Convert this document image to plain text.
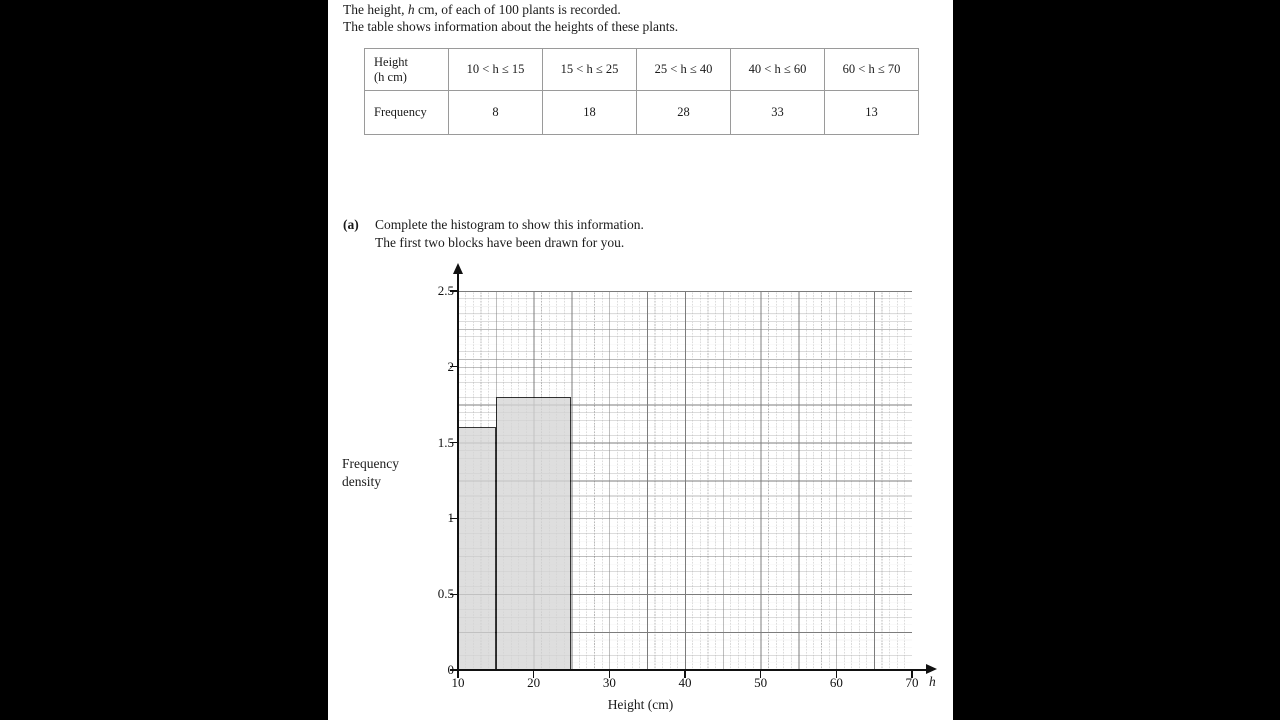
The height, h cm, of each of 100 plants is recorded.
The table shows information about the heights of these plants.
Height
(h cm)	10 < h ≤ 15	15 < h ≤ 25	25 < h ≤ 40	40 < h ≤ 60	60 < h ≤ 70
Frequency	8	18	28	33	13
(a) Complete the histogram to show this information.
The first two blocks have been drawn for you.
0
0.5
1
1.5
2
2.5
10	20	30	40	50	60	70
Frequency
density
Height (cm)
h
